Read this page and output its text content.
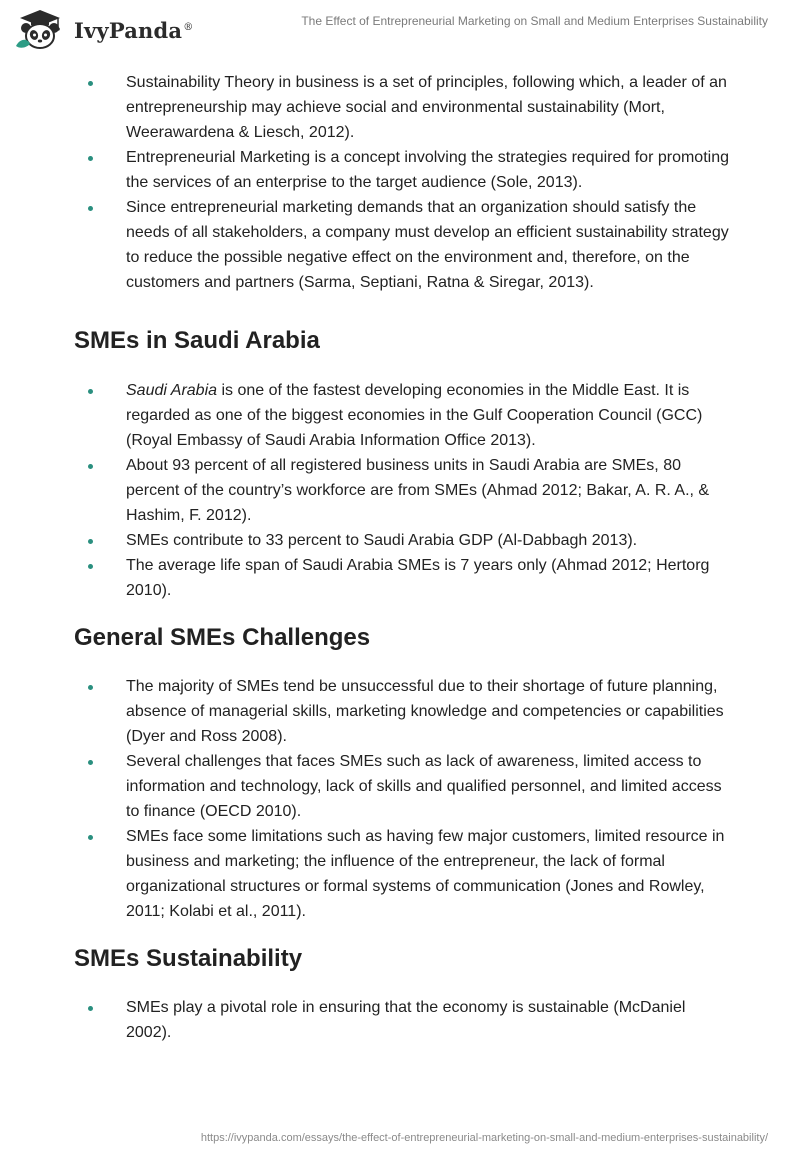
IvyPanda®	The Effect of Entrepreneurial Marketing on Small and Medium Enterprises Sustainability
Sustainability Theory in business is a set of principles, following which, a leader of an entrepreneurship may achieve social and environmental sustainability (Mort, Weerawardena & Liesch, 2012).
Entrepreneurial Marketing is a concept involving the strategies required for promoting the services of an enterprise to the target audience (Sole, 2013).
Since entrepreneurial marketing demands that an organization should satisfy the needs of all stakeholders, a company must develop an efficient sustainability strategy to reduce the possible negative effect on the environment and, therefore, on the customers and partners (Sarma, Septiani, Ratna & Siregar, 2013).
SMEs in Saudi Arabia
Saudi Arabia is one of the fastest developing economies in the Middle East. It is regarded as one of the biggest economies in the Gulf Cooperation Council (GCC) (Royal Embassy of Saudi Arabia Information Office 2013).
About 93 percent of all registered business units in Saudi Arabia are SMEs, 80 percent of the country’s workforce are from SMEs (Ahmad 2012; Bakar, A. R. A., & Hashim, F. 2012).
SMEs contribute to 33 percent to Saudi Arabia GDP (Al-Dabbagh 2013).
The average life span of Saudi Arabia SMEs is 7 years only (Ahmad 2012; Hertorg 2010).
General SMEs Challenges
The majority of SMEs tend be unsuccessful due to their shortage of future planning, absence of managerial skills, marketing knowledge and competencies or capabilities (Dyer and Ross 2008).
Several challenges that faces SMEs such as lack of awareness, limited access to information and technology, lack of skills and qualified personnel, and limited access to finance (OECD 2010).
SMEs face some limitations such as having few major customers, limited resource in business and marketing; the influence of the entrepreneur, the lack of formal organizational structures or formal systems of communication (Jones and Rowley, 2011; Kolabi et al., 2011).
SMEs Sustainability
SMEs play a pivotal role in ensuring that the economy is sustainable (McDaniel 2002).
https://ivypanda.com/essays/the-effect-of-entrepreneurial-marketing-on-small-and-medium-enterprises-sustainability/
